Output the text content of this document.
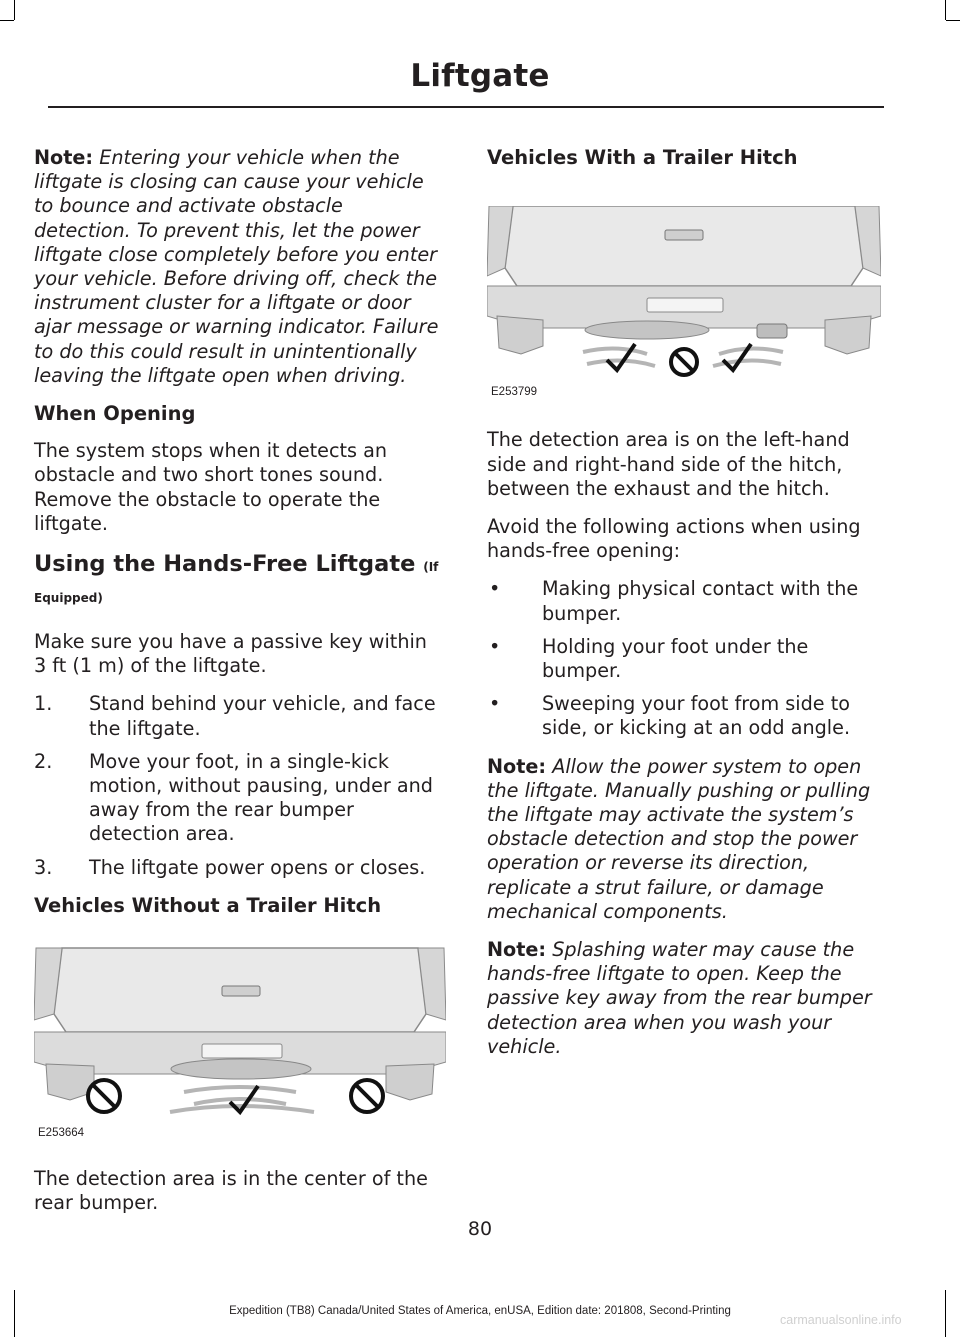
Liftgate

Note: Entering your vehicle when the liftgate is closing can cause your vehicle to bounce and activate obstacle detection. To prevent this, let the power liftgate close completely before you enter your vehicle. Before driving off, check the instrument cluster for a liftgate or door ajar message or warning indicator. Failure to do this could result in unintentionally leaving the liftgate open when driving.

When Opening

The system stops when it detects an obstacle and two short tones sound. Remove the obstacle to operate the liftgate.

Using the Hands-Free Liftgate (If Equipped)

Make sure you have a passive key within 3 ft (1 m) of the liftgate.

1. Stand behind your vehicle, and face the liftgate.
2. Move your foot, in a single-kick motion, without pausing, under and away from the rear bumper detection area.
3. The liftgate power opens or closes.
Vehicles Without a Trailer Hitch
E253664

The detection area is in the center of the rear bumper.

Vehicles With a Trailer Hitch
E253799

The detection area is on the left-hand side and right-hand side of the hitch, between the exhaust and the hitch.

Avoid the following actions when using hands-free opening:

• Making physical contact with the bumper.
• Holding your foot under the bumper.
• Sweeping your foot from side to side, or kicking at an odd angle.

Note: Allow the power system to open the liftgate. Manually pushing or pulling the liftgate may activate the system’s obstacle detection and stop the power operation or reverse its direction, replicate a strut failure, or damage mechanical components.

Note: Splashing water may cause the hands-free liftgate to open. Keep the passive key away from the rear bumper detection area when you wash your vehicle.

80
Expedition (TB8) Canada/United States of America, enUSA, Edition date: 201808, Second-Printing
carmanualsonline.info
